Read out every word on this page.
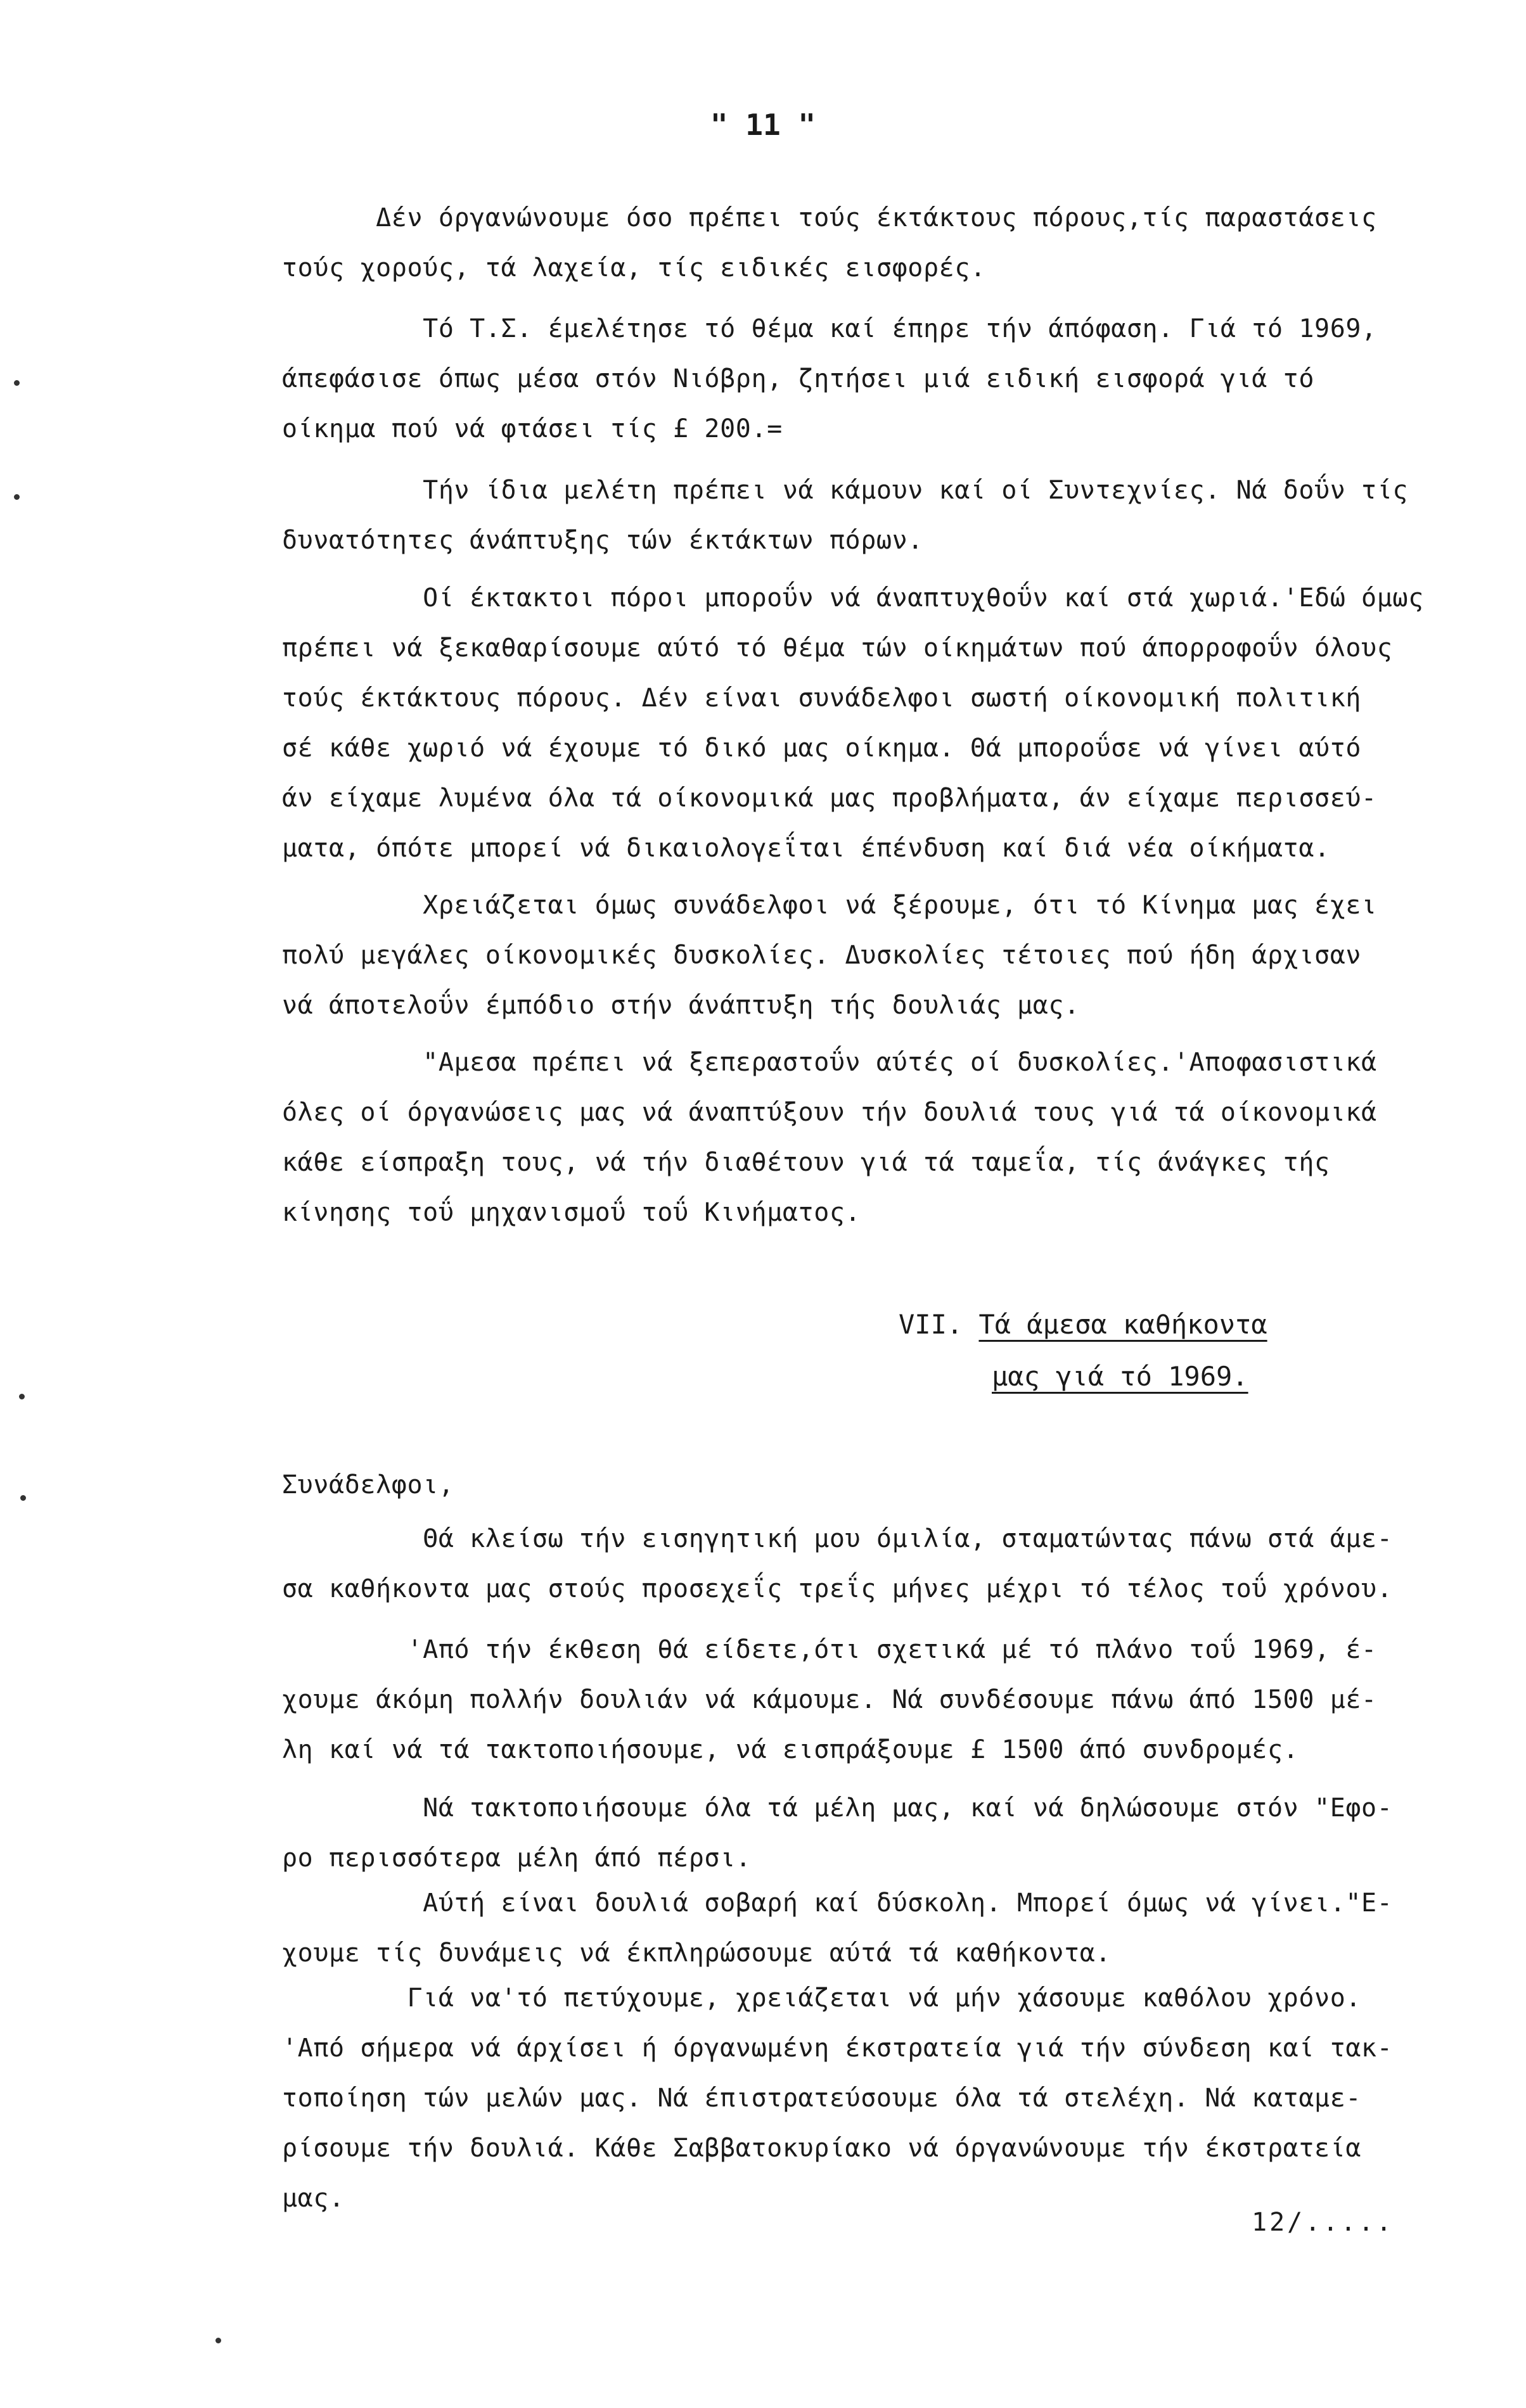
" 11 "
Δέν όργανώνουμε όσο πρέπει τούς έκτάκτους πόρους,τίς παραστάσεις
τούς χορούς, τά λαχεία, τίς ειδικές εισφορές.
Τό Τ.Σ. έμελέτησε τό θέμα καί έπηρε τήν άπόφαση. Γιά τό 1969,
άπεφάσισε όπως μέσα στόν Νιόβρη, ζητήσει μιά ειδική εισφορά γιά τό
οίκημα πού νά φτάσει τίς £ 200.=
Τήν ίδια μελέτη πρέπει νά κάμουν καί οί Συντεχνίες. Νά δοΰν τίς
δυνατότητες άνάπτυξης τών έκτάκτων πόρων.
Οί έκτακτοι πόροι μποροΰν νά άναπτυχθοΰν καί στά χωριά.'Εδώ όμως
πρέπει νά ξεκαθαρίσουμε αύτό τό θέμα τών οίκημάτων πού άπορροφοΰν όλους
τούς έκτάκτους πόρους. Δέν είναι συνάδελφοι σωστή οίκονομική πολιτική
σέ κάθε χωριό νά έχουμε τό δικό μας οίκημα. Θά μποροΰσε νά γίνει αύτό
άν είχαμε λυμένα όλα τά οίκονομικά μας προβλήματα, άν είχαμε περισσεύ-
ματα, όπότε μπορεί νά δικαιολογεΐται έπένδυση καί διά νέα οίκήματα.
Χρειάζεται όμως συνάδελφοι νά ξέρουμε, ότι τό Κίνημα μας έχει
πολύ μεγάλες οίκονομικές δυσκολίες. Δυσκολίες τέτοιες πού ήδη άρχισαν
νά άποτελοΰν έμπόδιο στήν άνάπτυξη τής δουλιάς μας.
"Αμεσα πρέπει νά ξεπεραστοΰν αύτές οί δυσκολίες.'Αποφασιστικά
όλες οί όργανώσεις μας νά άναπτύξουν τήν δουλιά τους γιά τά οίκονομικά
κάθε είσπραξη τους, νά τήν διαθέτουν γιά τά ταμεΐα, τίς άνάγκες τής
κίνησης τοΰ μηχανισμοΰ τοΰ Κινήματος.
Συνάδελφοι,
Θά κλείσω τήν εισηγητική μου όμιλία, σταματώντας πάνω στά άμε-
σα καθήκοντα μας στούς προσεχεΐς τρεΐς μήνες μέχρι τό τέλος τοΰ χρόνου.
'Από τήν έκθεση θά είδετε,ότι σχετικά μέ τό πλάνο τοΰ 1969, έ-
χουμε άκόμη πολλήν δουλιάν νά κάμουμε. Νά συνδέσουμε πάνω άπό 1500 μέ-
λη καί νά τά τακτοποιήσουμε, νά εισπράξουμε £ 1500 άπό συνδρομές.
Νά τακτοποιήσουμε όλα τά μέλη μας, καί νά δηλώσουμε στόν "Εφο-
ρο περισσότερα μέλη άπό πέρσι.
Αύτή είναι δουλιά σοβαρή καί δύσκολη. Μπορεί όμως νά γίνει."Ε-
χουμε τίς δυνάμεις νά έκπληρώσουμε αύτά τά καθήκοντα.
Γιά να'τό πετύχουμε, χρειάζεται νά μήν χάσουμε καθόλου χρόνο.
'Από σήμερα νά άρχίσει ή όργανωμένη έκστρατεία γιά τήν σύνδεση καί τακ-
τοποίηση τών μελών μας. Νά έπιστρατεύσουμε όλα τά στελέχη. Νά καταμε-
ρίσουμε τήν δουλιά. Κάθε Σαββατοκυρίακο νά όργανώνουμε τήν έκστρατεία
μας.
VII. Τά άμεσα καθήκοντα
μας γιά τό 1969.
12/.....
